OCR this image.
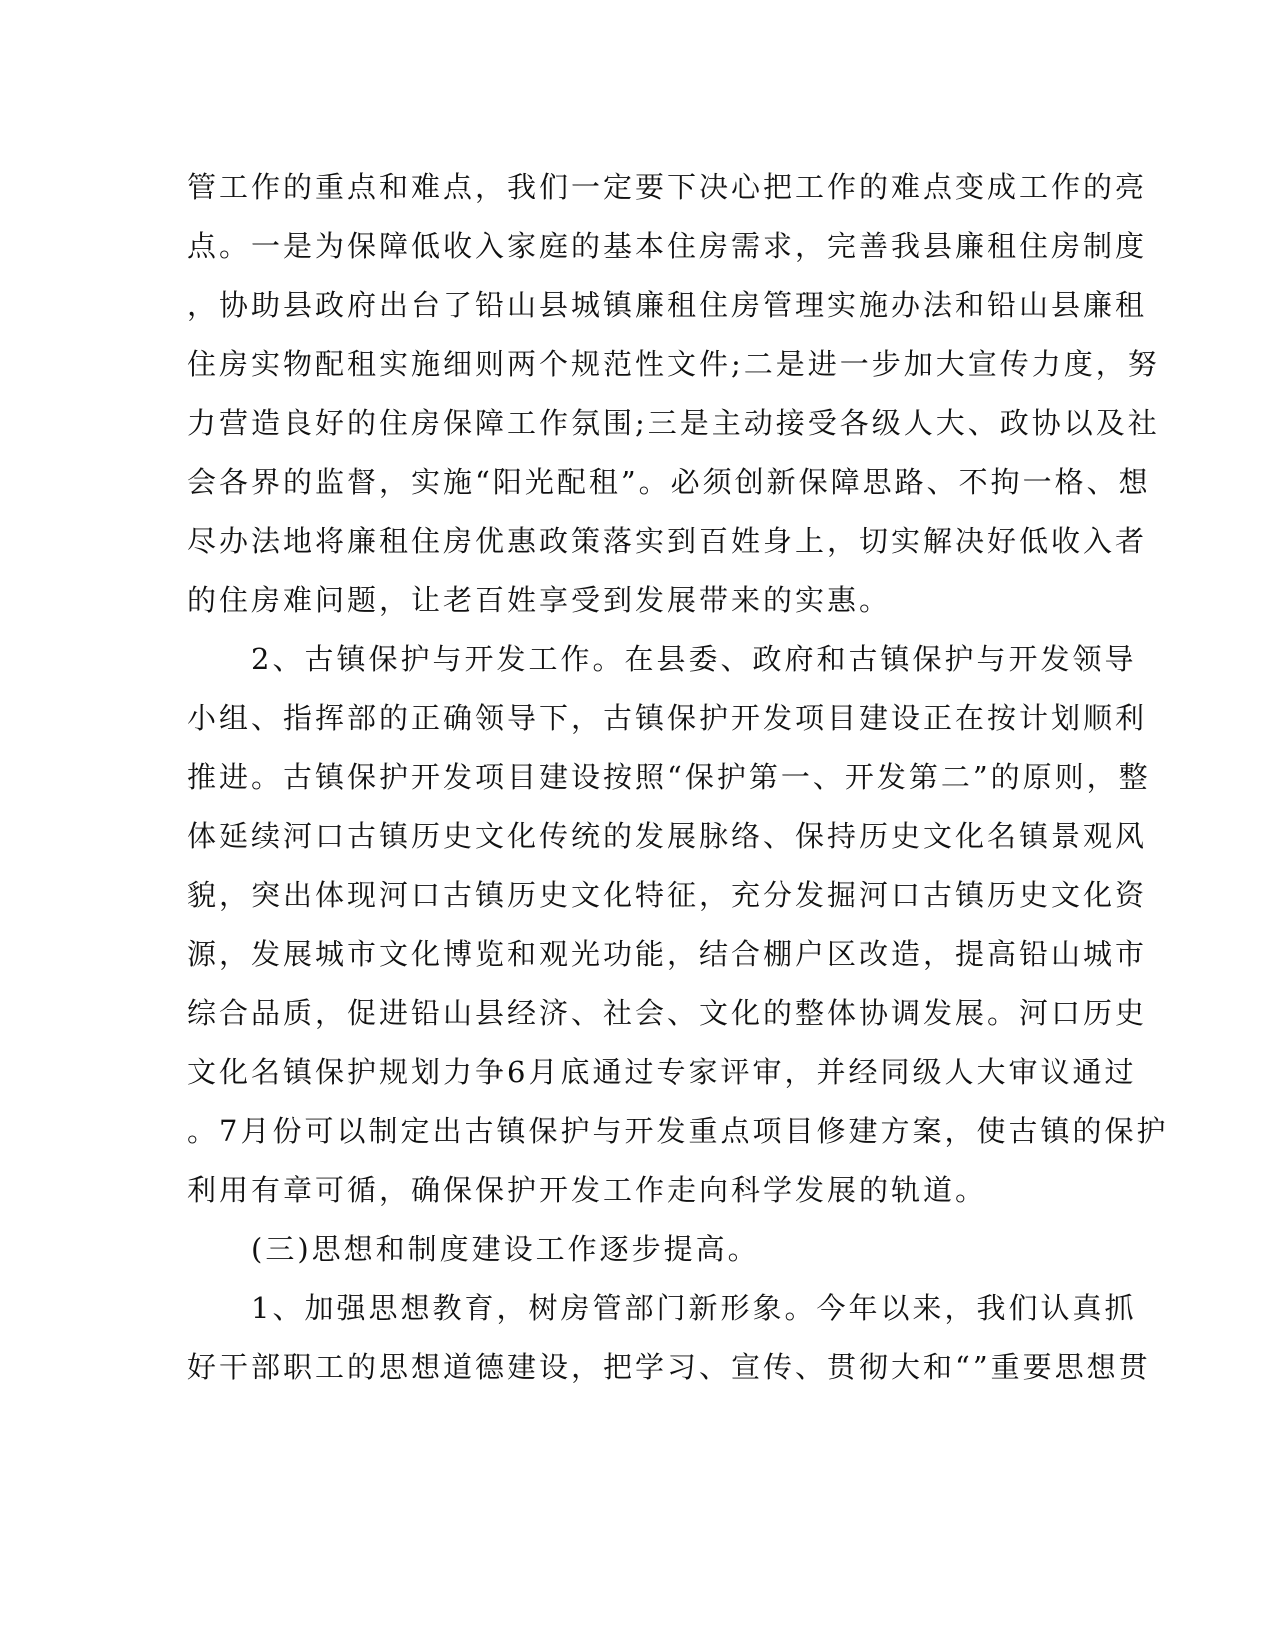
管工作的重点和难点，我们一定要下决心把工作的难点变成工作的亮
点。一是为保障低收入家庭的基本住房需求，完善我县廉租住房制度
，协助县政府出台了铅山县城镇廉租住房管理实施办法和铅山县廉租
住房实物配租实施细则两个规范性文件;二是进一步加大宣传力度，努
力营造良好的住房保障工作氛围;三是主动接受各级人大、政协以及社
会各界的监督，实施“阳光配租”。必须创新保障思路、不拘一格、想
尽办法地将廉租住房优惠政策落实到百姓身上，切实解决好低收入者
的住房难问题，让老百姓享受到发展带来的实惠。
　　2、古镇保护与开发工作。在县委、政府和古镇保护与开发领导
小组、指挥部的正确领导下，古镇保护开发项目建设正在按计划顺利
推进。古镇保护开发项目建设按照“保护第一、开发第二”的原则，整
体延续河口古镇历史文化传统的发展脉络、保持历史文化名镇景观风
貌，突出体现河口古镇历史文化特征，充分发掘河口古镇历史文化资
源，发展城市文化博览和观光功能，结合棚户区改造，提高铅山城市
综合品质，促进铅山县经济、社会、文化的整体协调发展。河口历史
文化名镇保护规划力争6月底通过专家评审，并经同级人大审议通过
。7月份可以制定出古镇保护与开发重点项目修建方案，使古镇的保护
利用有章可循，确保保护开发工作走向科学发展的轨道。
　　(三)思想和制度建设工作逐步提高。
　　1、加强思想教育，树房管部门新形象。今年以来，我们认真抓
好干部职工的思想道德建设，把学习、宣传、贯彻大和“”重要思想贯
